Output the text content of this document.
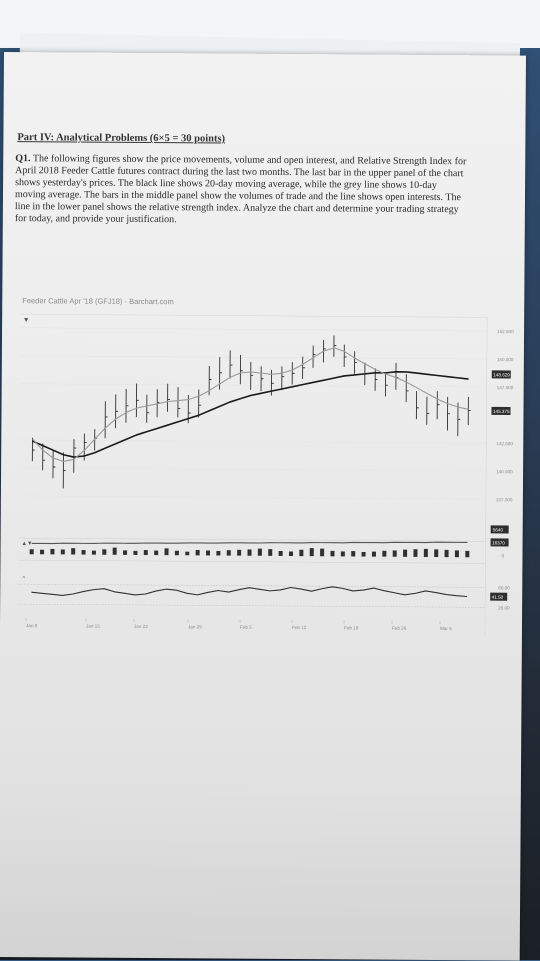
Part IV: Analytical Problems (6×5 = 30 points)

Q1. The following figures show the price movements, volume and open interest, and Relative Strength Index for April 2018 Feeder Cattle futures contract during the last two months. The last bar in the upper panel of the chart shows yesterday's prices. The black line shows 20-day moving average, while the grey line shows 10-day moving average. The bars in the middle panel show the volumes of trade and the line shows open interests. The line in the lower panel shows the relative strength index. Analyze the chart and determine your trading strategy for today, and provide your justification.

Feeder Cattle Apr '18 (GFJ18) - Barchart.com
▾
152.500
150.000
147.500
142.500
140.000
137.500
148.629
145.375
▴ ▾
5640
16370
0
^
60.00
20.00
41.50
Jan 8	Jan 15	Jan 22	Jan 29	Feb 5	Feb 12	Feb 19	Feb 26	Mar 5
